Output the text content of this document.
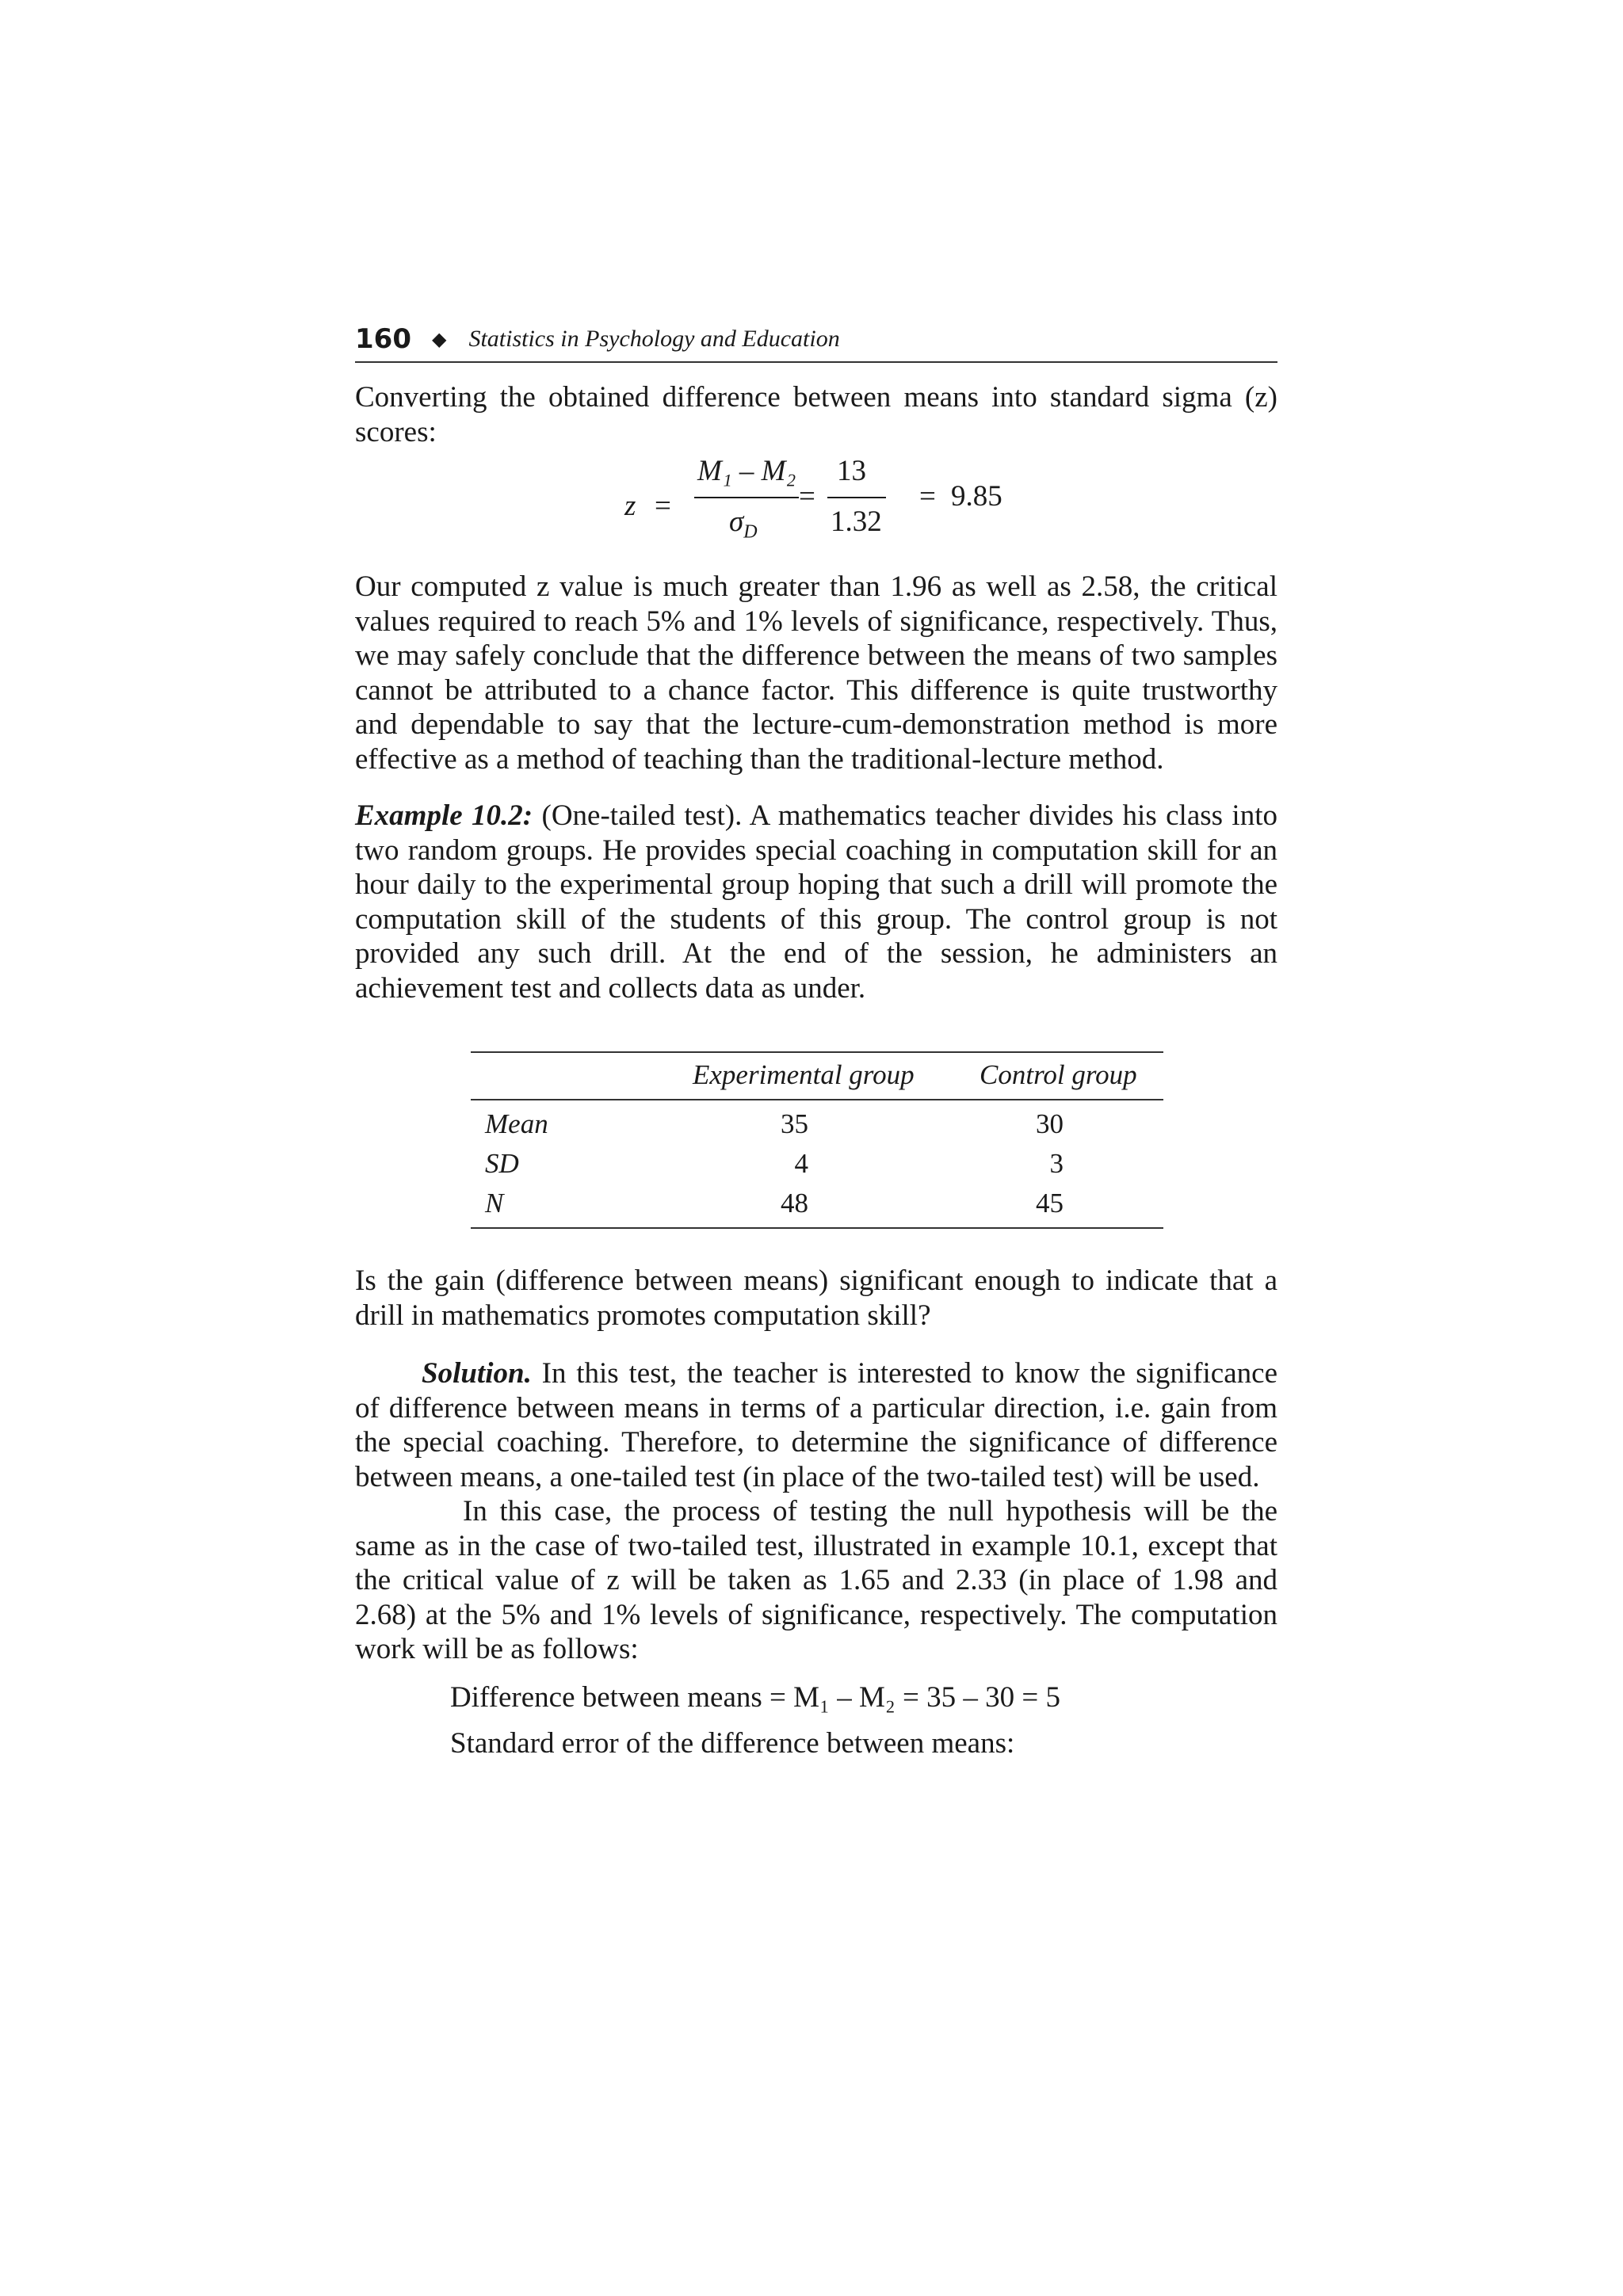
160 ◆ Statistics in Psychology and Education

Converting the obtained difference between means into standard sigma (z) scores:

z =
M₁ – M₂
$\sigma_D$
=
13
1.32
= 9.85

Our computed z value is much greater than 1.96 as well as 2.58, the critical values required to reach 5% and 1% levels of significance, respectively. Thus, we may safely conclude that the difference between the means of two samples cannot be attributed to a chance factor. This difference is quite trustworthy and dependable to say that the lecture-cum-demonstration method is more effective as a method of teaching than the traditional-lecture method.

Example 10.2: (One-tailed test). A mathematics teacher divides his class into two random groups. He provides special coaching in computation skill for an hour daily to the experimental group hoping that such a drill will promote the computation skill of the students of this group. The control group is not provided any such drill. At the end of the session, he administers an achievement test and collects data as under.

Experimental group Control group
Mean	35	30
SD	4	3
N	48	45

Is the gain (difference between means) significant enough to indicate that a drill in mathematics promotes computation skill?

Solution. In this test, the teacher is interested to know the significance of difference between means in terms of a particular direction, i.e. gain from the special coaching. Therefore, to determine the significance of difference between means, a one-tailed test (in place of the two-tailed test) will be used.

In this case, the process of testing the null hypothesis will be the same as in the case of two-tailed test, illustrated in example 10.1, except that the critical value of z will be taken as 1.65 and 2.33 (in place of 1.98 and 2.68) at the 5% and 1% levels of significance, respectively. The computation work will be as follows:

Difference between means = M₁ – M₂ = 35 – 30 = 5
Standard error of the difference between means:
